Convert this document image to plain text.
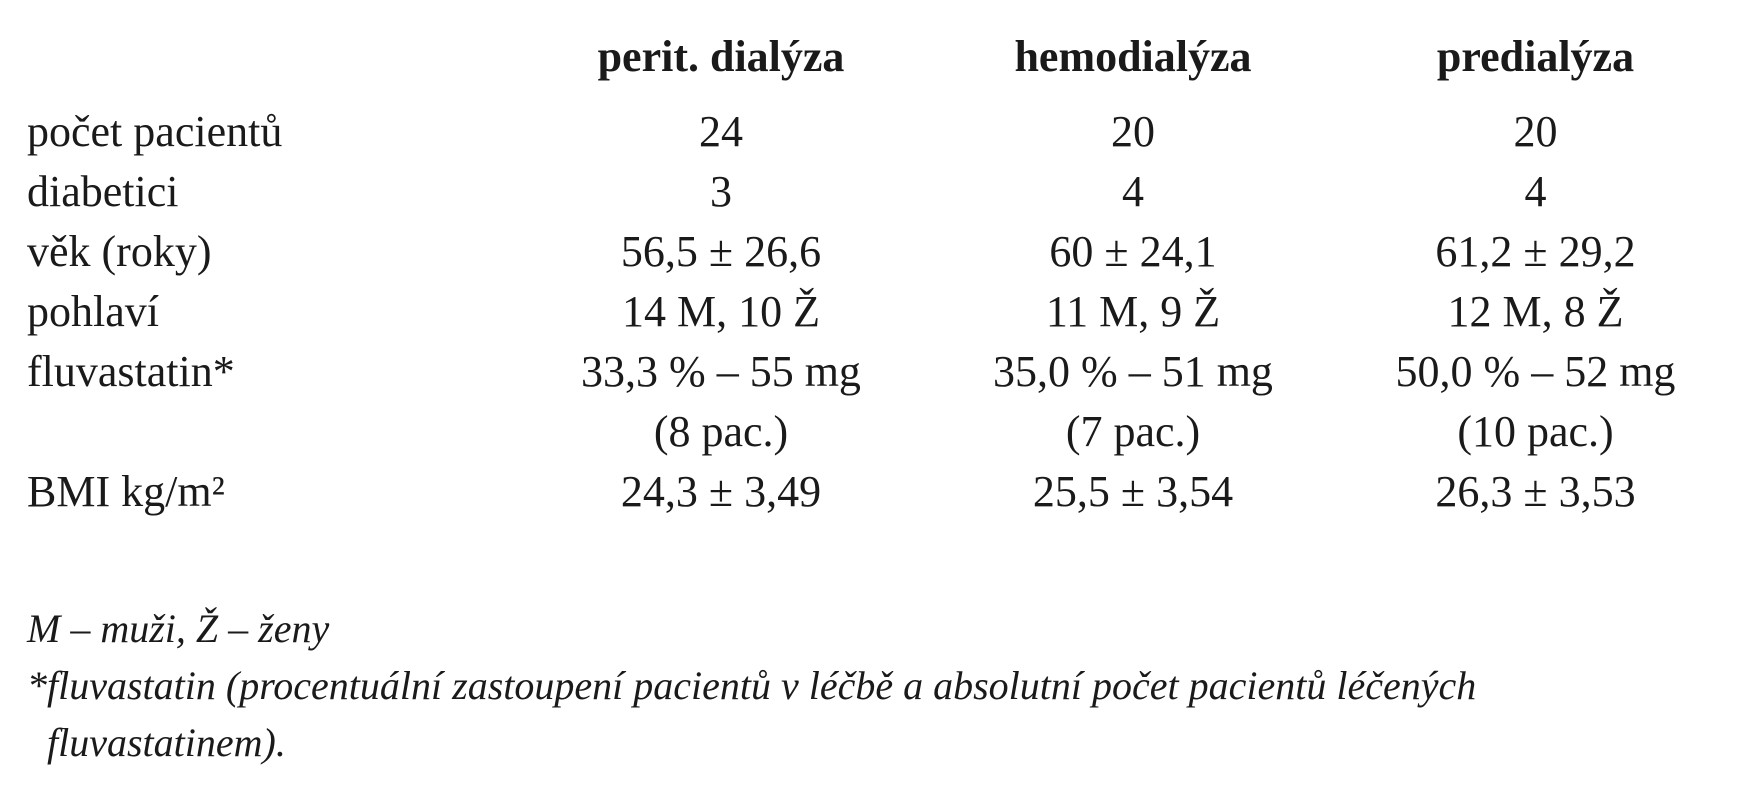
	perit. dialýza	hemodialýza	predialýza
počet pacientů	24	20	20
diabetici	3	4	4
věk (roky)	56,5 ± 26,6	60 ± 24,1	61,2 ± 29,2
pohlaví	14 M, 10 Ž	11 M, 9 Ž	12 M, 8 Ž
fluvastatin*	33,3 % – 55 mg	35,0 % – 51 mg	50,0 % – 52 mg
	(8 pac.)	(7 pac.)	(10 pac.)
BMI kg/m²	24,3 ± 3,49	25,5 ± 3,54	26,3 ± 3,53

M – muži, Ž – ženy

*fluvastatin (procentuální zastoupení pacientů v léčbě a absolutní počet pacientů léčených

fluvastatinem).
